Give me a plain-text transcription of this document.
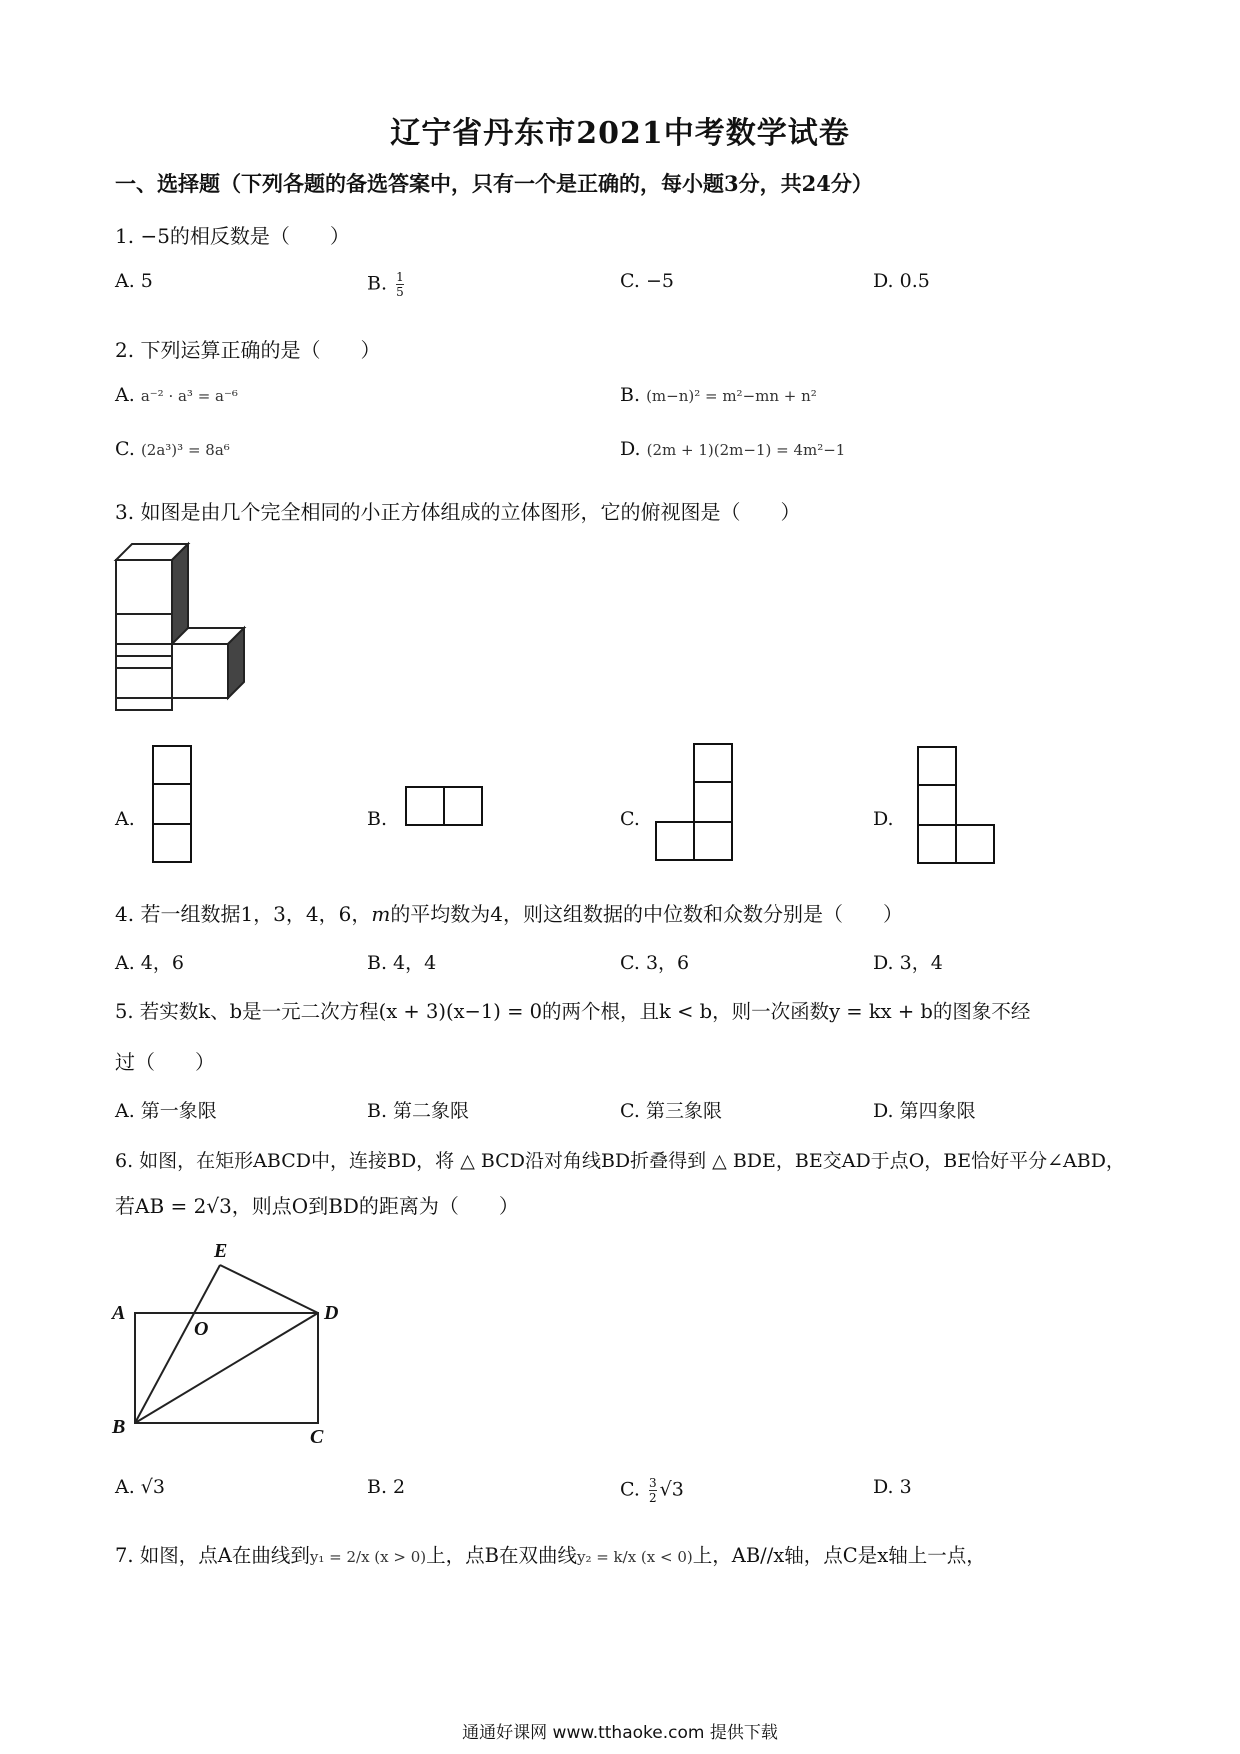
辽宁省丹东市2021中考数学试卷
一、选择题（下列各题的备选答案中，只有一个是正确的，每小题3分，共24分）
1. −5的相反数是（　　）
A. 5	B. $\frac{1}{5}$	C. −5	D. 0.5
2. 下列运算正确的是（　　）
A. a⁻² · a³ = a⁻⁶	B. (m−n)² = m²−mn + n²
C. (2a³)³ = 8a⁶	D. (2m + 1)(2m−1) = 4m²−1
3. 如图是由几个完全相同的小正方体组成的立体图形，它的俯视图是（　　）
A.	B.	C.	D.
4. 若一组数据1，3，4，6，m的平均数为4，则这组数据的中位数和众数分别是（　　）
A. 4，6	B. 4，4	C. 3，6	D. 3，4
5. 若实数k、b是一元二次方程(x + 3)(x−1) = 0的两个根，且k < b，则一次函数y = kx + b的图象不经
过（　　）
A. 第一象限	B. 第二象限	C. 第三象限	D. 第四象限
6. 如图，在矩形ABCD中，连接BD，将 △ BCD沿对角线BD折叠得到 △ BDE，BE交AD于点O，BE恰好平分∠ABD，
若AB = 2√3，则点O到BD的距离为（　　）
E
A
O
D
B	C
A. √3	B. 2	C. $\frac{3}{2} √3$	D. 3
7. 如图，点A在曲线到y₁ = 2/x (x > 0)上，点B在双曲线y₂ = k/x (x < 0)上，AB//x轴，点C是x轴上一点，
通通好课网 www.tthaoke.com 提供下载
